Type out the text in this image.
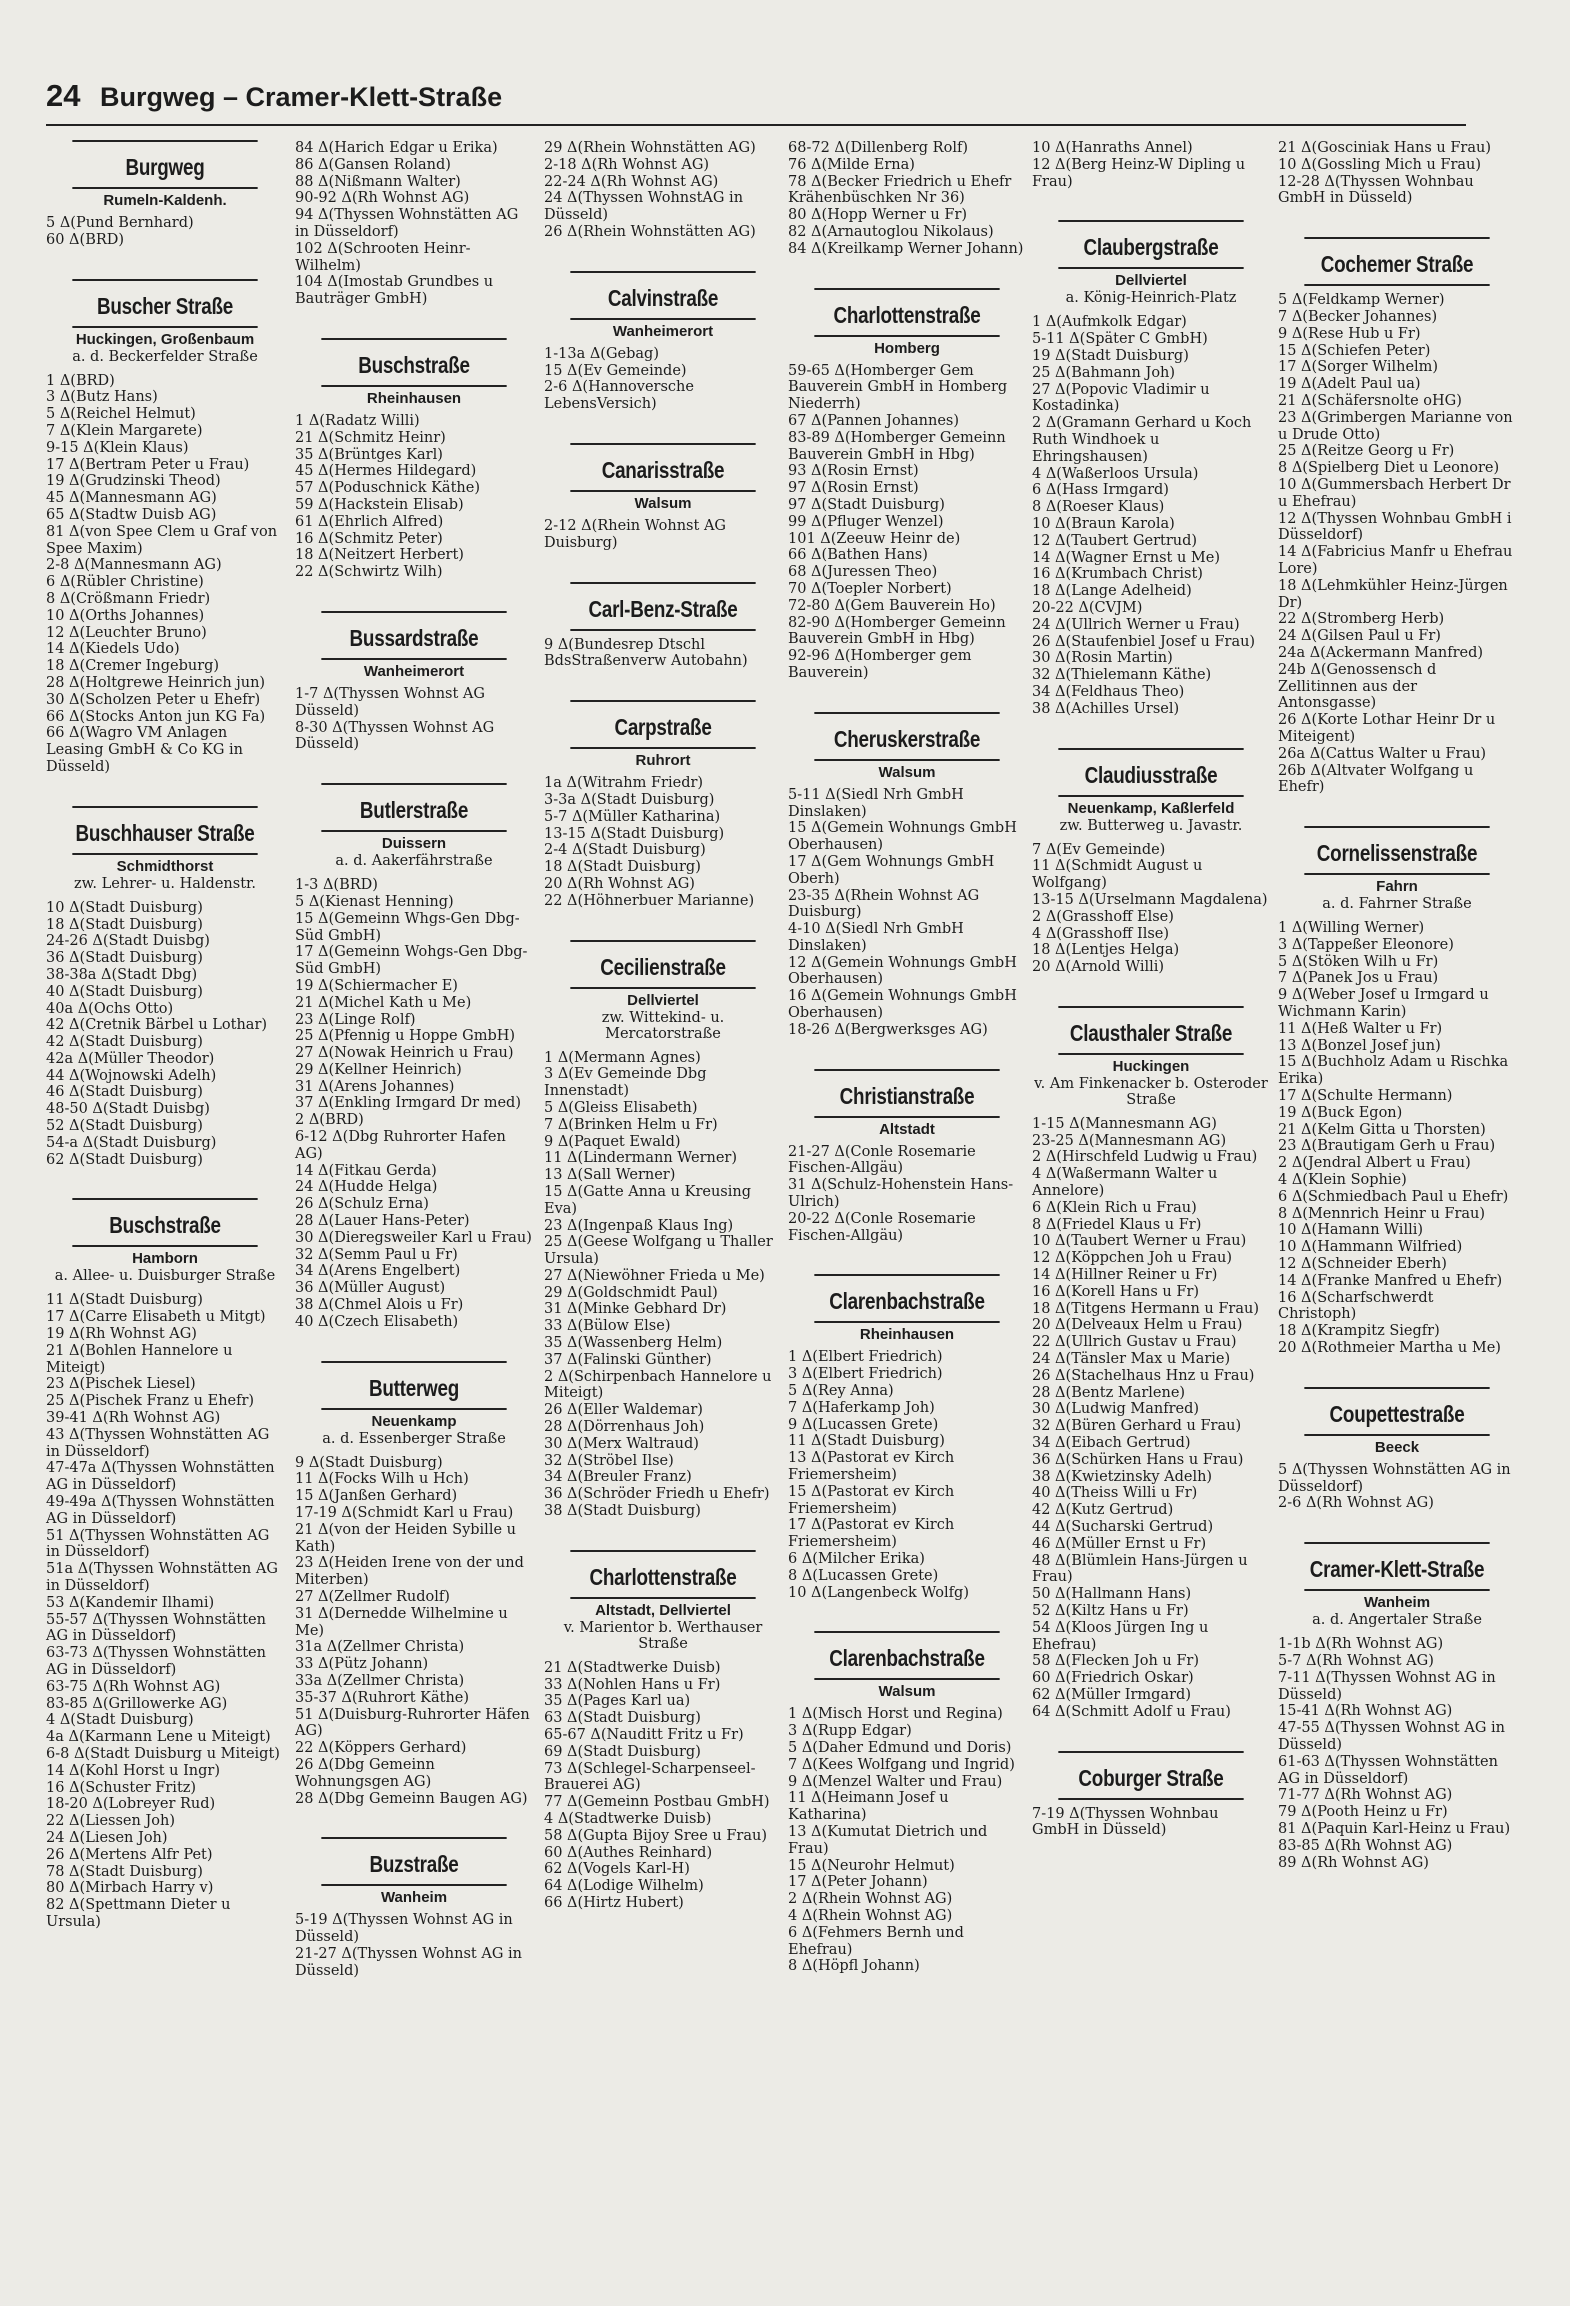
24 Burgweg – Cramer-Klett-Straße
Burgweg
Rumeln-Kaldenh.
5 Δ(Pund Bernhard)
60 Δ(BRD)
Buscher Straße
Huckingen, Großenbaum
a. d. Beckerfelder Straße
1 Δ(BRD)
3 Δ(Butz Hans)
5 Δ(Reichel Helmut)
7 Δ(Klein Margarete)
9-15 Δ(Klein Klaus)
17 Δ(Bertram Peter u Frau)
19 Δ(Grudzinski Theod)
45 Δ(Mannesmann AG)
65 Δ(Stadtw Duisb AG)
81 Δ(von Spee Clem u Graf von Spee Maxim)
2-8 Δ(Mannesmann AG)
6 Δ(Rübler Christine)
8 Δ(Crößmann Friedr)
10 Δ(Orths Johannes)
12 Δ(Leuchter Bruno)
14 Δ(Kiedels Udo)
18 Δ(Cremer Ingeburg)
28 Δ(Holtgrewe Heinrich jun)
30 Δ(Scholzen Peter u Ehefr)
66 Δ(Stocks Anton jun KG Fa)
66 Δ(Wagro VM Anlagen Leasing GmbH & Co KG in Düsseld)
Buschhauser Straße
Schmidthorst
zw. Lehrer- u. Haldenstr.
10 Δ(Stadt Duisburg)
18 Δ(Stadt Duisburg)
24-26 Δ(Stadt Duisbg)
36 Δ(Stadt Duisburg)
38-38a Δ(Stadt Dbg)
40 Δ(Stadt Duisburg)
40a Δ(Ochs Otto)
42 Δ(Cretnik Bärbel u Lothar)
42 Δ(Stadt Duisburg)
42a Δ(Müller Theodor)
44 Δ(Wojnowski Adelh)
46 Δ(Stadt Duisburg)
48-50 Δ(Stadt Duisbg)
52 Δ(Stadt Duisburg)
54-a Δ(Stadt Duisburg)
62 Δ(Stadt Duisburg)
Buschstraße
Hamborn
a. Allee- u. Duisburger Straße
11 Δ(Stadt Duisburg)
17 Δ(Carre Elisabeth u Mitgt)
19 Δ(Rh Wohnst AG)
21 Δ(Bohlen Hannelore u Miteigt)
23 Δ(Pischek Liesel)
25 Δ(Pischek Franz u Ehefr)
39-41 Δ(Rh Wohnst AG)
43 Δ(Thyssen Wohnstätten AG in Düsseldorf)
47-47a Δ(Thyssen Wohnstätten AG in Düsseldorf)
49-49a Δ(Thyssen Wohnstätten AG in Düsseldorf)
51 Δ(Thyssen Wohnstätten AG in Düsseldorf)
51a Δ(Thyssen Wohnstätten AG in Düsseldorf)
53 Δ(Kandemir Ilhami)
55-57 Δ(Thyssen Wohnstätten AG in Düsseldorf)
63-73 Δ(Thyssen Wohnstätten AG in Düsseldorf)
63-75 Δ(Rh Wohnst AG)
83-85 Δ(Grillowerke AG)
4 Δ(Stadt Duisburg)
4a Δ(Karmann Lene u Miteigt)
6-8 Δ(Stadt Duisburg u Miteigt)
14 Δ(Kohl Horst u Ingr)
16 Δ(Schuster Fritz)
18-20 Δ(Lobreyer Rud)
22 Δ(Liessen Joh)
24 Δ(Liesen Joh)
26 Δ(Mertens Alfr Pet)
78 Δ(Stadt Duisburg)
80 Δ(Mirbach Harry v)
82 Δ(Spettmann Dieter u Ursula)
84 Δ(Harich Edgar u Erika)
86 Δ(Gansen Roland)
88 Δ(Nißmann Walter)
90-92 Δ(Rh Wohnst AG)
94 Δ(Thyssen Wohnstätten AG in Düsseldorf)
102 Δ(Schrooten Heinr-Wilhelm)
104 Δ(Imostab Grundbes u Bauträger GmbH)
Buschstraße
Rheinhausen
1 Δ(Radatz Willi)
21 Δ(Schmitz Heinr)
35 Δ(Brüntges Karl)
45 Δ(Hermes Hildegard)
57 Δ(Poduschnick Käthe)
59 Δ(Hackstein Elisab)
61 Δ(Ehrlich Alfred)
16 Δ(Schmitz Peter)
18 Δ(Neitzert Herbert)
22 Δ(Schwirtz Wilh)
Bussardstraße
Wanheimerort
1-7 Δ(Thyssen Wohnst AG Düsseld)
8-30 Δ(Thyssen Wohnst AG Düsseld)
Butlerstraße
Duissern
a. d. Aakerfährstraße
1-3 Δ(BRD)
5 Δ(Kienast Henning)
15 Δ(Gemeinn Whgs-Gen Dbg-Süd GmbH)
17 Δ(Gemeinn Wohgs-Gen Dbg-Süd GmbH)
19 Δ(Schiermacher E)
21 Δ(Michel Kath u Me)
23 Δ(Linge Rolf)
25 Δ(Pfennig u Hoppe GmbH)
27 Δ(Nowak Heinrich u Frau)
29 Δ(Kellner Heinrich)
31 Δ(Arens Johannes)
37 Δ(Enkling Irmgard Dr med)
2 Δ(BRD)
6-12 Δ(Dbg Ruhrorter Hafen AG)
14 Δ(Fitkau Gerda)
24 Δ(Hudde Helga)
26 Δ(Schulz Erna)
28 Δ(Lauer Hans-Peter)
30 Δ(Dieregsweiler Karl u Frau)
32 Δ(Semm Paul u Fr)
34 Δ(Arens Engelbert)
36 Δ(Müller August)
38 Δ(Chmel Alois u Fr)
40 Δ(Czech Elisabeth)
Butterweg
Neuenkamp
a. d. Essenberger Straße
9 Δ(Stadt Duisburg)
11 Δ(Focks Wilh u Hch)
15 Δ(Janßen Gerhard)
17-19 Δ(Schmidt Karl u Frau)
21 Δ(von der Heiden Sybille u Kath)
23 Δ(Heiden Irene von der und Miterben)
27 Δ(Zellmer Rudolf)
31 Δ(Dernedde Wilhelmine u Me)
31a Δ(Zellmer Christa)
33 Δ(Pütz Johann)
33a Δ(Zellmer Christa)
35-37 Δ(Ruhrort Käthe)
51 Δ(Duisburg-Ruhrorter Häfen AG)
22 Δ(Köppers Gerhard)
26 Δ(Dbg Gemeinn Wohnungsgen AG)
28 Δ(Dbg Gemeinn Baugen AG)
Buzstraße
Wanheim
5-19 Δ(Thyssen Wohnst AG in Düsseld)
21-27 Δ(Thyssen Wohnst AG in Düsseld)
29 Δ(Rhein Wohnstätten AG)
2-18 Δ(Rh Wohnst AG)
22-24 Δ(Rh Wohnst AG)
24 Δ(Thyssen WohnstAG in Düsseld)
26 Δ(Rhein Wohnstätten AG)
Calvinstraße
Wanheimerort
1-13a Δ(Gebag)
15 Δ(Ev Gemeinde)
2-6 Δ(Hannoversche LebensVersich)
Canarisstraße
Walsum
2-12 Δ(Rhein Wohnst AG Duisburg)
Carl-Benz-Straße
9 Δ(Bundesrep Dtschl BdsStraßenverw Autobahn)
Carpstraße
Ruhrort
1a Δ(Witrahm Friedr)
3-3a Δ(Stadt Duisburg)
5-7 Δ(Müller Katharina)
13-15 Δ(Stadt Duisburg)
2-4 Δ(Stadt Duisburg)
18 Δ(Stadt Duisburg)
20 Δ(Rh Wohnst AG)
22 Δ(Höhnerbuer Marianne)
Cecilienstraße
Dellviertel
zw. Wittekind- u. Mercatorstraße
1 Δ(Mermann Agnes)
3 Δ(Ev Gemeinde Dbg Innenstadt)
5 Δ(Gleiss Elisabeth)
7 Δ(Brinken Helm u Fr)
9 Δ(Paquet Ewald)
11 Δ(Lindermann Werner)
13 Δ(Sall Werner)
15 Δ(Gatte Anna u Kreusing Eva)
23 Δ(Ingenpaß Klaus Ing)
25 Δ(Geese Wolfgang u Thaller Ursula)
27 Δ(Niewöhner Frieda u Me)
29 Δ(Goldschmidt Paul)
31 Δ(Minke Gebhard Dr)
33 Δ(Bülow Else)
35 Δ(Wassenberg Helm)
37 Δ(Falinski Günther)
2 Δ(Schirpenbach Hannelore u Miteigt)
26 Δ(Eller Waldemar)
28 Δ(Dörrenhaus Joh)
30 Δ(Merx Waltraud)
32 Δ(Ströbel Ilse)
34 Δ(Breuler Franz)
36 Δ(Schröder Friedh u Ehefr)
38 Δ(Stadt Duisburg)
Charlottenstraße
Altstadt, Dellviertel
v. Marientor b. Werthauser Straße
21 Δ(Stadtwerke Duisb)
33 Δ(Nohlen Hans u Fr)
35 Δ(Pages Karl ua)
63 Δ(Stadt Duisburg)
65-67 Δ(Nauditt Fritz u Fr)
69 Δ(Stadt Duisburg)
73 Δ(Schlegel-Scharpenseel-Brauerei AG)
77 Δ(Gemeinn Postbau GmbH)
4 Δ(Stadtwerke Duisb)
58 Δ(Gupta Bijoy Sree u Frau)
60 Δ(Authes Reinhard)
62 Δ(Vogels Karl-H)
64 Δ(Lodige Wilhelm)
66 Δ(Hirtz Hubert)
68-72 Δ(Dillenberg Rolf)
76 Δ(Milde Erna)
78 Δ(Becker Friedrich u Ehefr Krähenbüschken Nr 36)
80 Δ(Hopp Werner u Fr)
82 Δ(Arnautoglou Nikolaus)
84 Δ(Kreilkamp Werner Johann)
Charlottenstraße
Homberg
59-65 Δ(Homberger Gem Bauverein GmbH in Homberg Niederrh)
67 Δ(Pannen Johannes)
83-89 Δ(Homberger Gemeinn Bauverein GmbH in Hbg)
93 Δ(Rosin Ernst)
97 Δ(Rosin Ernst)
97 Δ(Stadt Duisburg)
99 Δ(Pfluger Wenzel)
101 Δ(Zeeuw Heinr de)
66 Δ(Bathen Hans)
68 Δ(Juressen Theo)
70 Δ(Toepler Norbert)
72-80 Δ(Gem Bauverein Ho)
82-90 Δ(Homberger Gemeinn Bauverein GmbH in Hbg)
92-96 Δ(Homberger gem Bauverein)
Cheruskerstraße
Walsum
5-11 Δ(Siedl Nrh GmbH Dinslaken)
15 Δ(Gemein Wohnungs GmbH Oberhausen)
17 Δ(Gem Wohnungs GmbH Oberh)
23-35 Δ(Rhein Wohnst AG Duisburg)
4-10 Δ(Siedl Nrh GmbH Dinslaken)
12 Δ(Gemein Wohnungs GmbH Oberhausen)
16 Δ(Gemein Wohnungs GmbH Oberhausen)
18-26 Δ(Bergwerksges AG)
Christianstraße
Altstadt
21-27 Δ(Conle Rosemarie Fischen-Allgäu)
31 Δ(Schulz-Hohenstein Hans-Ulrich)
20-22 Δ(Conle Rosemarie Fischen-Allgäu)
Clarenbachstraße
Rheinhausen
1 Δ(Elbert Friedrich)
3 Δ(Elbert Friedrich)
5 Δ(Rey Anna)
7 Δ(Haferkamp Joh)
9 Δ(Lucassen Grete)
11 Δ(Stadt Duisburg)
13 Δ(Pastorat ev Kirch Friemersheim)
15 Δ(Pastorat ev Kirch Friemersheim)
17 Δ(Pastorat ev Kirch Friemersheim)
6 Δ(Milcher Erika)
8 Δ(Lucassen Grete)
10 Δ(Langenbeck Wolfg)
Clarenbachstraße
Walsum
1 Δ(Misch Horst und Regina)
3 Δ(Rupp Edgar)
5 Δ(Daher Edmund und Doris)
7 Δ(Kees Wolfgang und Ingrid)
9 Δ(Menzel Walter und Frau)
11 Δ(Heimann Josef u Katharina)
13 Δ(Kumutat Dietrich und Frau)
15 Δ(Neurohr Helmut)
17 Δ(Peter Johann)
2 Δ(Rhein Wohnst AG)
4 Δ(Rhein Wohnst AG)
6 Δ(Fehmers Bernh und Ehefrau)
8 Δ(Höpfl Johann)
10 Δ(Hanraths Annel)
12 Δ(Berg Heinz-W Dipling u Frau)
Claubergstraße
Dellviertel
a. König-Heinrich-Platz
1 Δ(Aufmkolk Edgar)
5-11 Δ(Später C GmbH)
19 Δ(Stadt Duisburg)
25 Δ(Bahmann Joh)
27 Δ(Popovic Vladimir u Kostadinka)
2 Δ(Gramann Gerhard u Koch Ruth Windhoek u Ehringshausen)
4 Δ(Waßerloos Ursula)
6 Δ(Hass Irmgard)
8 Δ(Roeser Klaus)
10 Δ(Braun Karola)
12 Δ(Taubert Gertrud)
14 Δ(Wagner Ernst u Me)
16 Δ(Krumbach Christ)
18 Δ(Lange Adelheid)
20-22 Δ(CVJM)
24 Δ(Ullrich Werner u Frau)
26 Δ(Staufenbiel Josef u Frau)
30 Δ(Rosin Martin)
32 Δ(Thielemann Käthe)
34 Δ(Feldhaus Theo)
38 Δ(Achilles Ursel)
Claudiusstraße
Neuenkamp, Kaßlerfeld
zw. Butterweg u. Javastr.
7 Δ(Ev Gemeinde)
11 Δ(Schmidt August u Wolfgang)
13-15 Δ(Urselmann Magdalena)
2 Δ(Grasshoff Else)
4 Δ(Grasshoff Ilse)
18 Δ(Lentjes Helga)
20 Δ(Arnold Willi)
Clausthaler Straße
Huckingen
v. Am Finkenacker b. Osteroder Straße
1-15 Δ(Mannesmann AG)
23-25 Δ(Mannesmann AG)
2 Δ(Hirschfeld Ludwig u Frau)
4 Δ(Waßermann Walter u Annelore)
6 Δ(Klein Rich u Frau)
8 Δ(Friedel Klaus u Fr)
10 Δ(Taubert Werner u Frau)
12 Δ(Köppchen Joh u Frau)
14 Δ(Hillner Reiner u Fr)
16 Δ(Korell Hans u Fr)
18 Δ(Titgens Hermann u Frau)
20 Δ(Delveaux Helm u Frau)
22 Δ(Ullrich Gustav u Frau)
24 Δ(Tänsler Max u Marie)
26 Δ(Stachelhaus Hnz u Frau)
28 Δ(Bentz Marlene)
30 Δ(Ludwig Manfred)
32 Δ(Büren Gerhard u Frau)
34 Δ(Eibach Gertrud)
36 Δ(Schürken Hans u Frau)
38 Δ(Kwietzinsky Adelh)
40 Δ(Theiss Willi u Fr)
42 Δ(Kutz Gertrud)
44 Δ(Sucharski Gertrud)
46 Δ(Müller Ernst u Fr)
48 Δ(Blümlein Hans-Jürgen u Frau)
50 Δ(Hallmann Hans)
52 Δ(Kiltz Hans u Fr)
54 Δ(Kloos Jürgen Ing u Ehefrau)
58 Δ(Flecken Joh u Fr)
60 Δ(Friedrich Oskar)
62 Δ(Müller Irmgard)
64 Δ(Schmitt Adolf u Frau)
Coburger Straße
7-19 Δ(Thyssen Wohnbau GmbH in Düsseld)
21 Δ(Gosciniak Hans u Frau)
10 Δ(Gossling Mich u Frau)
12-28 Δ(Thyssen Wohnbau GmbH in Düsseld)
Cochemer Straße
5 Δ(Feldkamp Werner)
7 Δ(Becker Johannes)
9 Δ(Rese Hub u Fr)
15 Δ(Schiefen Peter)
17 Δ(Sorger Wilhelm)
19 Δ(Adelt Paul ua)
21 Δ(Schäfersnolte oHG)
23 Δ(Grimbergen Marianne von u Drude Otto)
25 Δ(Reitze Georg u Fr)
8 Δ(Spielberg Diet u Leonore)
10 Δ(Gummersbach Herbert Dr u Ehefrau)
12 Δ(Thyssen Wohnbau GmbH i Düsseldorf)
14 Δ(Fabricius Manfr u Ehefrau Lore)
18 Δ(Lehmkühler Heinz-Jürgen Dr)
22 Δ(Stromberg Herb)
24 Δ(Gilsen Paul u Fr)
24a Δ(Ackermann Manfred)
24b Δ(Genossensch d Zellitinnen aus der Antonsgasse)
26 Δ(Korte Lothar Heinr Dr u Miteigent)
26a Δ(Cattus Walter u Frau)
26b Δ(Altvater Wolfgang u Ehefr)
Cornelissenstraße
Fahrn
a. d. Fahrner Straße
1 Δ(Willing Werner)
3 Δ(Tappeßer Eleonore)
5 Δ(Stöken Wilh u Fr)
7 Δ(Panek Jos u Frau)
9 Δ(Weber Josef u Irmgard u Wichmann Karin)
11 Δ(Heß Walter u Fr)
13 Δ(Bonzel Josef jun)
15 Δ(Buchholz Adam u Rischka Erika)
17 Δ(Schulte Hermann)
19 Δ(Buck Egon)
21 Δ(Kelm Gitta u Thorsten)
23 Δ(Brautigam Gerh u Frau)
2 Δ(Jendral Albert u Frau)
4 Δ(Klein Sophie)
6 Δ(Schmiedbach Paul u Ehefr)
8 Δ(Mennrich Heinr u Frau)
10 Δ(Hamann Willi)
10 Δ(Hammann Wilfried)
12 Δ(Schneider Eberh)
14 Δ(Franke Manfred u Ehefr)
16 Δ(Scharfschwerdt Christoph)
18 Δ(Krampitz Siegfr)
20 Δ(Rothmeier Martha u Me)
Coupettestraße
Beeck
5 Δ(Thyssen Wohnstätten AG in Düsseldorf)
2-6 Δ(Rh Wohnst AG)
Cramer-Klett-Straße
Wanheim
a. d. Angertaler Straße
1-1b Δ(Rh Wohnst AG)
5-7 Δ(Rh Wohnst AG)
7-11 Δ(Thyssen Wohnst AG in Düsseld)
15-41 Δ(Rh Wohnst AG)
47-55 Δ(Thyssen Wohnst AG in Düsseld)
61-63 Δ(Thyssen Wohnstätten AG in Düsseldorf)
71-77 Δ(Rh Wohnst AG)
79 Δ(Pooth Heinz u Fr)
81 Δ(Paquin Karl-Heinz u Frau)
83-85 Δ(Rh Wohnst AG)
89 Δ(Rh Wohnst AG)
